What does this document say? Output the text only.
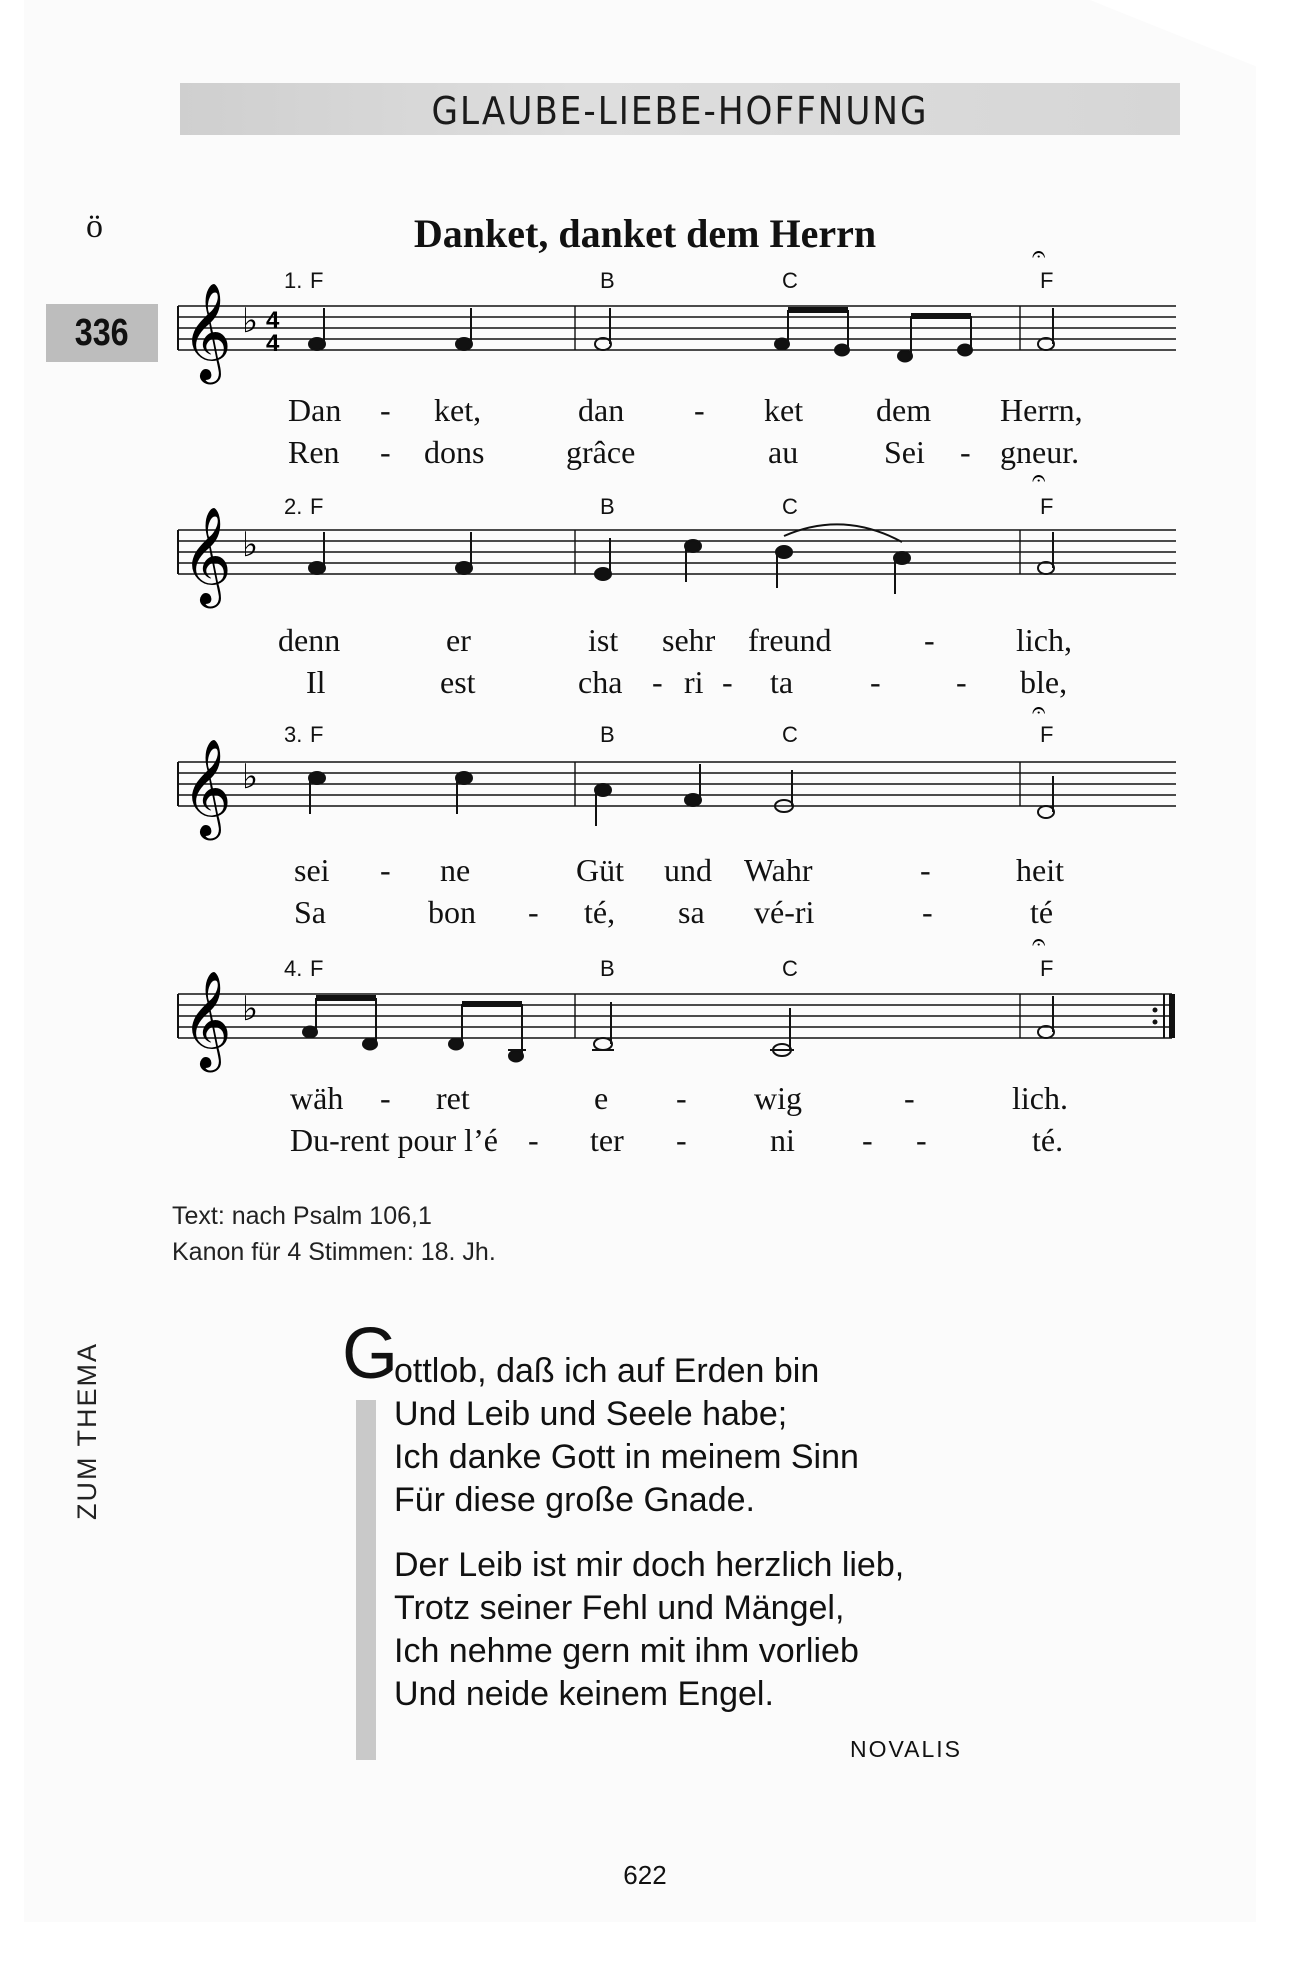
GLAUBE-LIEBE-HOFFNUNG
ö
336
Danket, danket dem Herrn
1. F	B	C	F
𝄞 ♭ 4
4
𝄐
Dan - ket,	dan - ket dem Herrn,
Ren - dons	grâce	au	Sei - gneur.
2. F	B	C	F
𝄞 ♭
𝄐
denn	er	ist sehr freund	-	lich,
Il	est	cha - ri - ta - - ble,
3. F	B	C	F
𝄞 ♭
𝄐
sei - ne	Güt und Wahr	-	heit
Sa	bon - té, sa vé-ri	-	té
4. F	B	C	F
𝄞 ♭
𝄐
wäh - ret	e - wig	-	lich.
Du-rent pour l’é - ter -	ni - -	té.
Text: nach Psalm 106,1
Kanon für 4 Stimmen: 18. Jh.
ZUM THEMA	G
ottlob, daß ich auf Erden bin
Und Leib und Seele habe;
Ich danke Gott in meinem Sinn
Für diese große Gnade.
Der Leib ist mir doch herzlich lieb,
Trotz seiner Fehl und Mängel,
Ich nehme gern mit ihm vorlieb
Und neide keinem Engel.
NOVALIS
622
